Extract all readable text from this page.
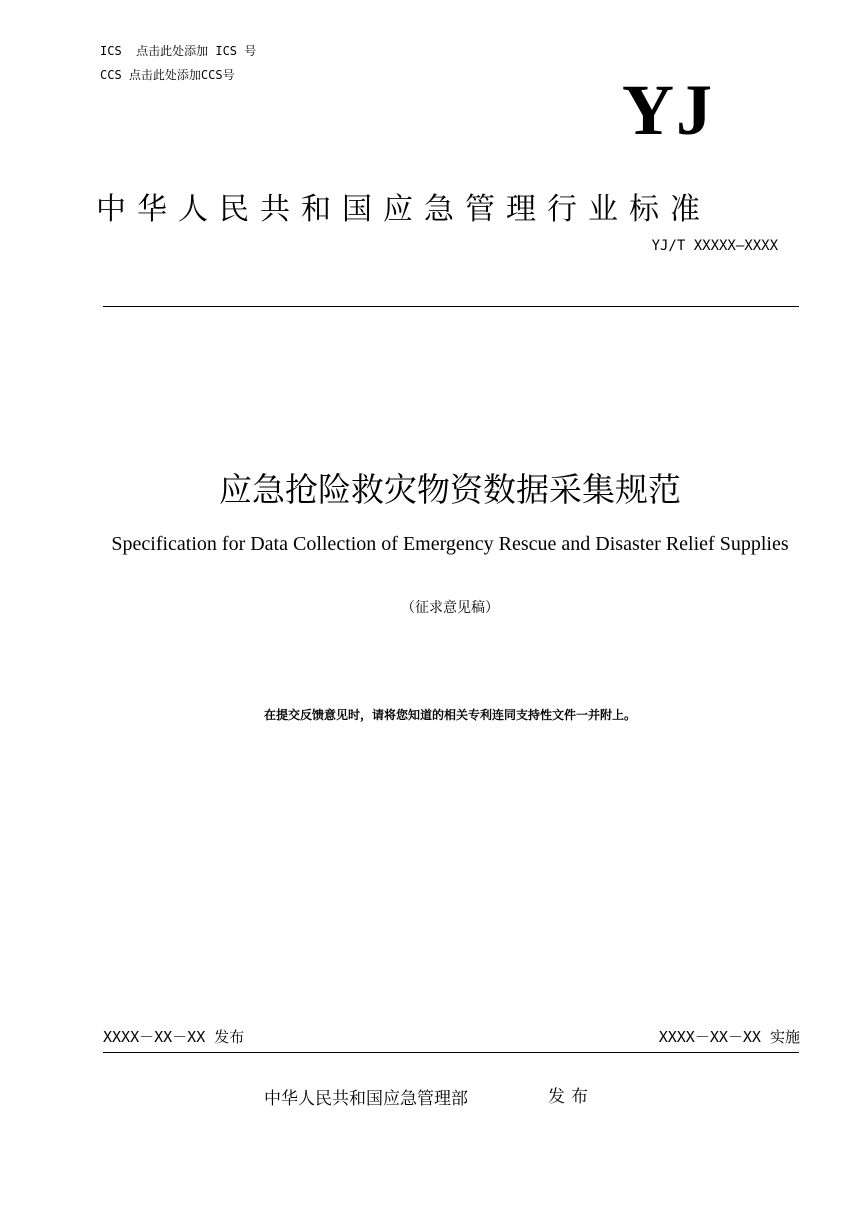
ICS  点击此处添加 ICS 号
CCS 点击此处添加CCS号	YJ
中华人民共和国应急管理行业标准
YJ/T XXXXX—XXXX
应急抢险救灾物资数据采集规范
Specification for Data Collection of Emergency Rescue and Disaster Relief Supplies
（征求意见稿）
在提交反馈意见时，请将您知道的相关专利连同支持性文件一并附上。
XXXX－XX－XX 发布	XXXX－XX－XX 实施
中华人民共和国应急管理部	发布
